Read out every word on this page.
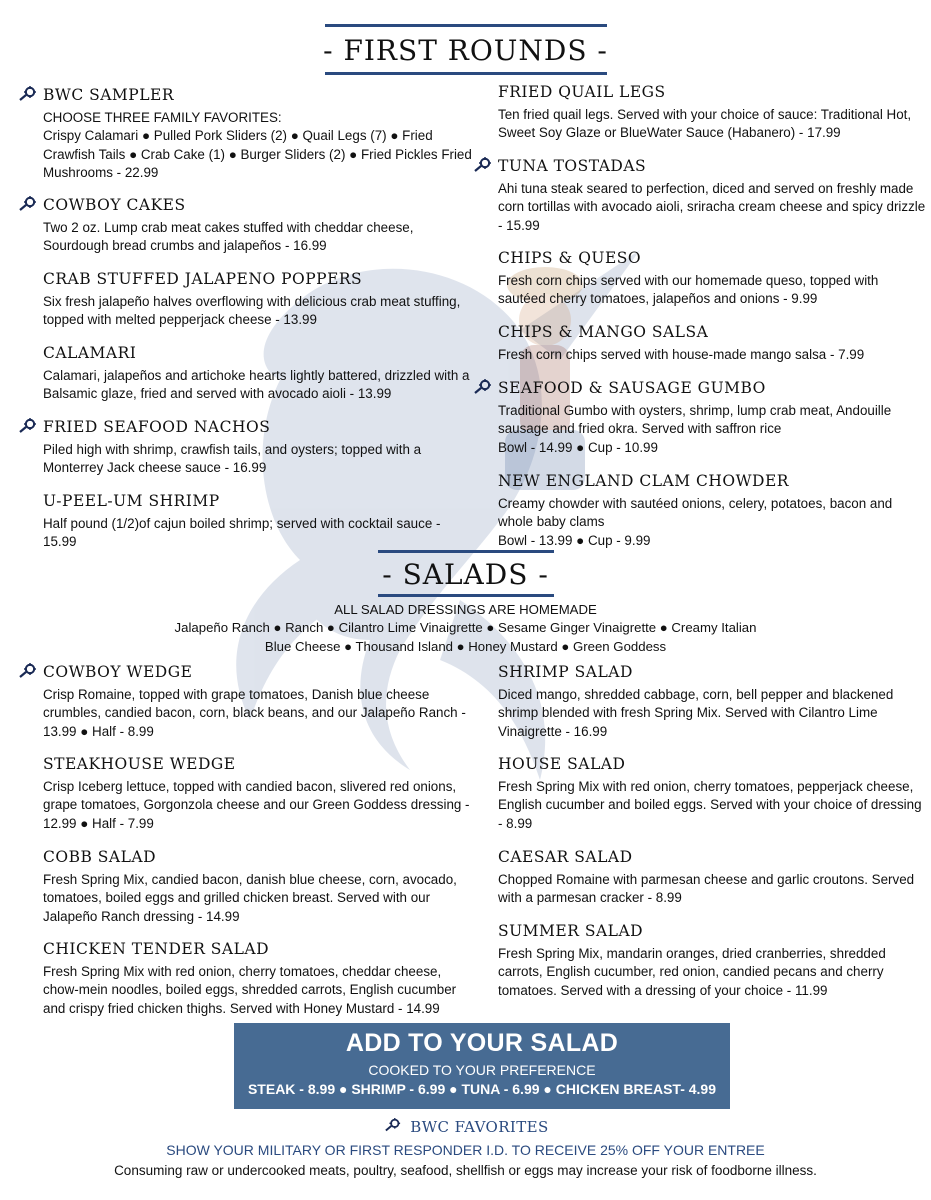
- FIRST ROUNDS -
BWC SAMPLER
CHOOSE THREE FAMILY FAVORITES:
Crispy Calamari ● Pulled Pork Sliders (2) ● Quail Legs (7) ● Fried Crawfish Tails ● Crab Cake (1) ● Burger Sliders (2) ● Fried Pickles Fried Mushrooms - 22.99
COWBOY CAKES
Two 2 oz. Lump crab meat cakes stuffed with cheddar cheese, Sourdough bread crumbs and jalapeños - 16.99
CRAB STUFFED JALAPENO POPPERS
Six fresh jalapeño halves overflowing with delicious crab meat stuffing, topped with melted pepperjack cheese - 13.99
CALAMARI
Calamari, jalapeños and artichoke hearts lightly battered, drizzled with a Balsamic glaze, fried and served with avocado aioli - 13.99
FRIED SEAFOOD NACHOS
Piled high with shrimp, crawfish tails, and oysters; topped with a Monterrey Jack cheese sauce - 16.99
U-PEEL-UM SHRIMP
Half pound (1/2)of cajun boiled shrimp; served with cocktail sauce - 15.99
FRIED QUAIL LEGS
Ten fried quail legs. Served with your choice of sauce: Traditional Hot, Sweet Soy Glaze or BlueWater Sauce (Habanero) - 17.99
TUNA TOSTADAS
Ahi tuna steak seared to perfection, diced and served on freshly made corn tortillas with avocado aioli, sriracha cream cheese and spicy drizzle - 15.99
CHIPS & QUESO
Fresh corn chips served with our homemade queso, topped with sautéed cherry tomatoes, jalapeños and onions - 9.99
CHIPS & MANGO SALSA
Fresh corn chips served with house-made mango salsa - 7.99
SEAFOOD & SAUSAGE GUMBO
Traditional Gumbo with oysters, shrimp, lump crab meat, Andouille sausage and fried okra. Served with saffron rice
Bowl - 14.99 ● Cup - 10.99
NEW ENGLAND CLAM CHOWDER
Creamy chowder with sautéed onions, celery, potatoes, bacon and whole baby clams
Bowl - 13.99 ● Cup - 9.99
- SALADS -
ALL SALAD DRESSINGS ARE HOMEMADE
Jalapeño Ranch ● Ranch ● Cilantro Lime Vinaigrette ● Sesame Ginger Vinaigrette ● Creamy Italian
Blue Cheese ● Thousand Island ● Honey Mustard ● Green Goddess
COWBOY WEDGE
Crisp Romaine, topped with grape tomatoes, Danish blue cheese crumbles, candied bacon, corn, black beans, and our Jalapeño Ranch - 13.99 ● Half - 8.99
STEAKHOUSE WEDGE
Crisp Iceberg lettuce, topped with candied bacon, slivered red onions, grape tomatoes, Gorgonzola cheese and our Green Goddess dressing - 12.99 ● Half - 7.99
COBB SALAD
Fresh Spring Mix, candied bacon, danish blue cheese, corn, avocado, tomatoes, boiled eggs and grilled chicken breast. Served with our Jalapeño Ranch dressing - 14.99
CHICKEN TENDER SALAD
Fresh Spring Mix with red onion, cherry tomatoes, cheddar cheese, chow-mein noodles, boiled eggs, shredded carrots, English cucumber and crispy fried chicken thighs. Served with Honey Mustard - 14.99
SHRIMP SALAD
Diced mango, shredded cabbage, corn, bell pepper and blackened shrimp blended with fresh Spring Mix. Served with Cilantro Lime Vinaigrette - 16.99
HOUSE SALAD
Fresh Spring Mix with red onion, cherry tomatoes, pepperjack cheese, English cucumber and boiled eggs. Served with your choice of dressing - 8.99
CAESAR SALAD
Chopped Romaine with parmesan cheese and garlic croutons. Served with a parmesan cracker - 8.99
SUMMER SALAD
Fresh Spring Mix, mandarin oranges, dried cranberries, shredded carrots, English cucumber, red onion, candied pecans and cherry tomatoes. Served with a dressing of your choice - 11.99
ADD TO YOUR SALAD
COOKED TO YOUR PREFERENCE
STEAK - 8.99 ● SHRIMP - 6.99 ● TUNA - 6.99 ● CHICKEN BREAST- 4.99
BWC FAVORITES
SHOW YOUR MILITARY OR FIRST RESPONDER I.D. TO RECEIVE 25% OFF YOUR ENTREE
Consuming raw or undercooked meats, poultry, seafood, shellfish or eggs may increase your risk of foodborne illness.
